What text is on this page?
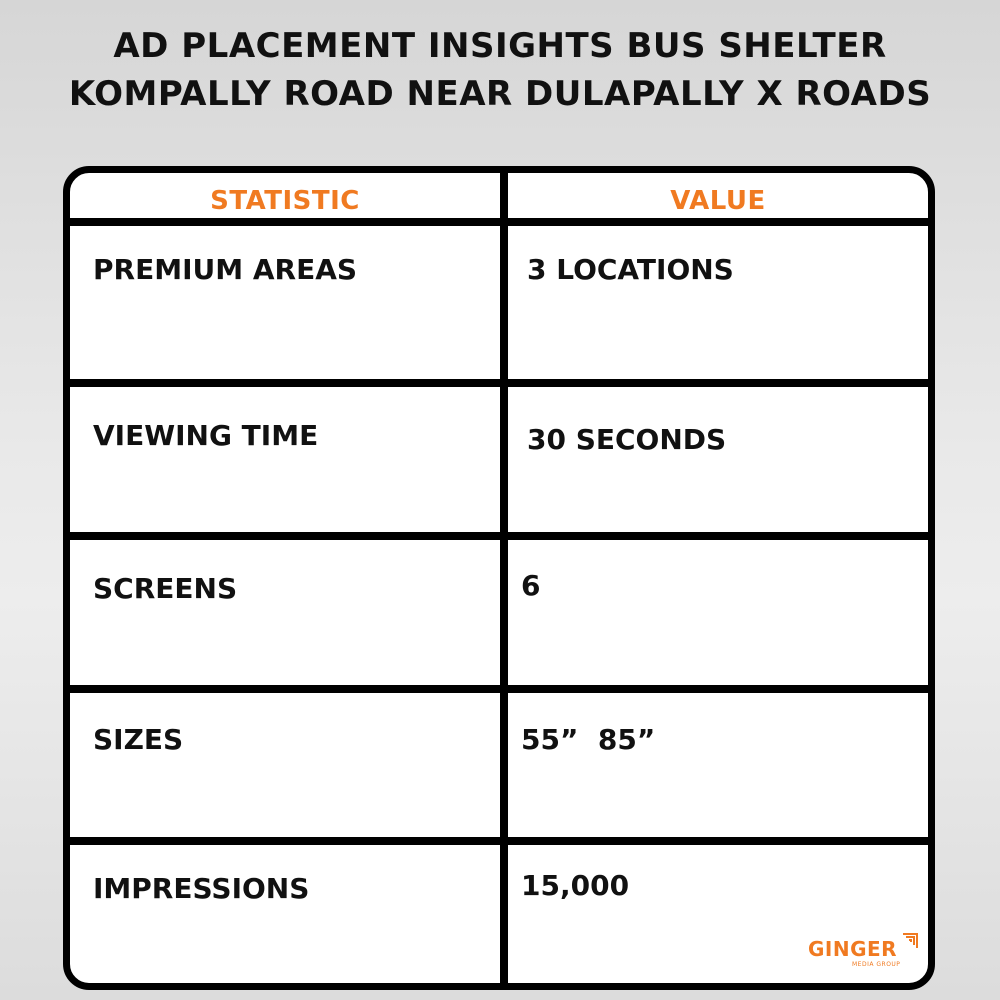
AD PLACEMENT INSIGHTS BUS SHELTER
KOMPALLY ROAD NEAR DULAPALLY X ROADS
STATISTIC	VALUE
PREMIUM AREAS	3 LOCATIONS
VIEWING TIME	30 SECONDS
SCREENS	6
SIZES	55”  85”
IMPRESSIONS	15,000
GINGER
MEDIA GROUP
